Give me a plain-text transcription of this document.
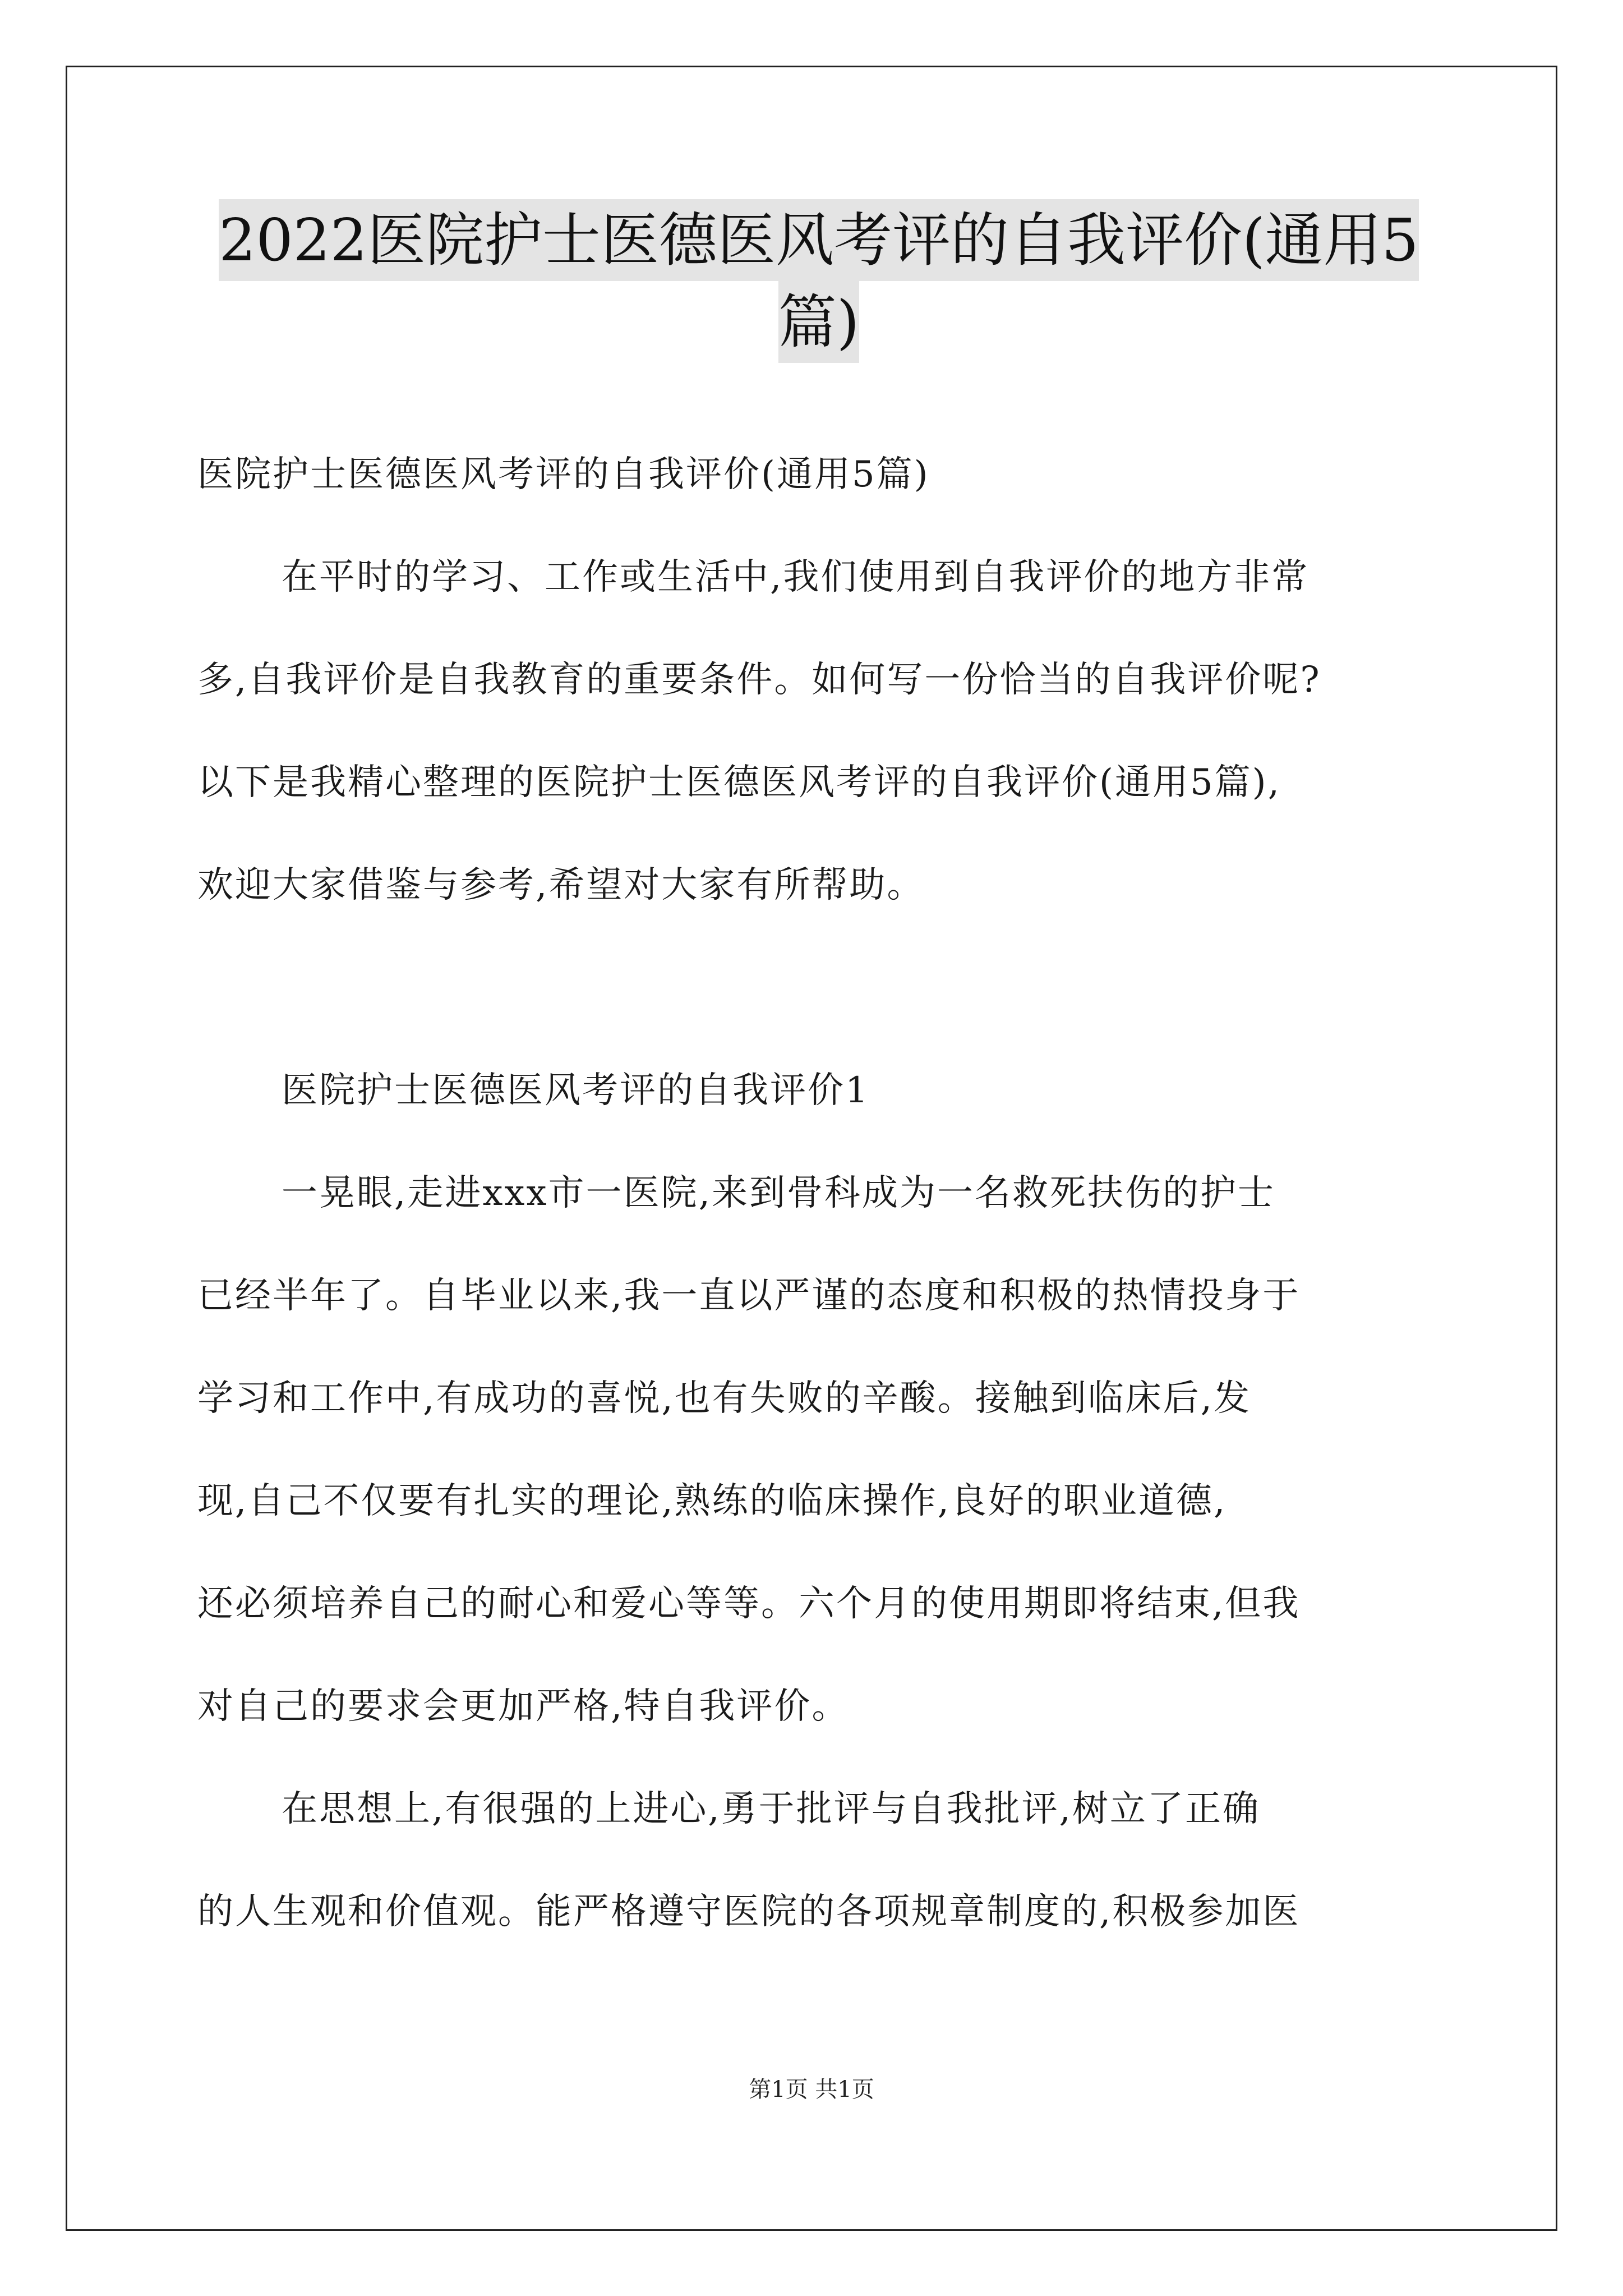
2022医院护士医德医风考评的自我评价(通用5
篇)
医院护士医德医风考评的自我评价(通用5篇)
在平时的学习、工作或生活中,我们使用到自我评价的地方非常
多,自我评价是自我教育的重要条件。如何写一份恰当的自我评价呢?
以下是我精心整理的医院护士医德医风考评的自我评价(通用5篇),
欢迎大家借鉴与参考,希望对大家有所帮助。
医院护士医德医风考评的自我评价1
一晃眼,走进xxx市一医院,来到骨科成为一名救死扶伤的护士
已经半年了。自毕业以来,我一直以严谨的态度和积极的热情投身于
学习和工作中,有成功的喜悦,也有失败的辛酸。接触到临床后,发
现,自己不仅要有扎实的理论,熟练的临床操作,良好的职业道德,
还必须培养自己的耐心和爱心等等。六个月的使用期即将结束,但我
对自己的要求会更加严格,特自我评价。
在思想上,有很强的上进心,勇于批评与自我批评,树立了正确
的人生观和价值观。能严格遵守医院的各项规章制度的,积极参加医
第1页 共1页
